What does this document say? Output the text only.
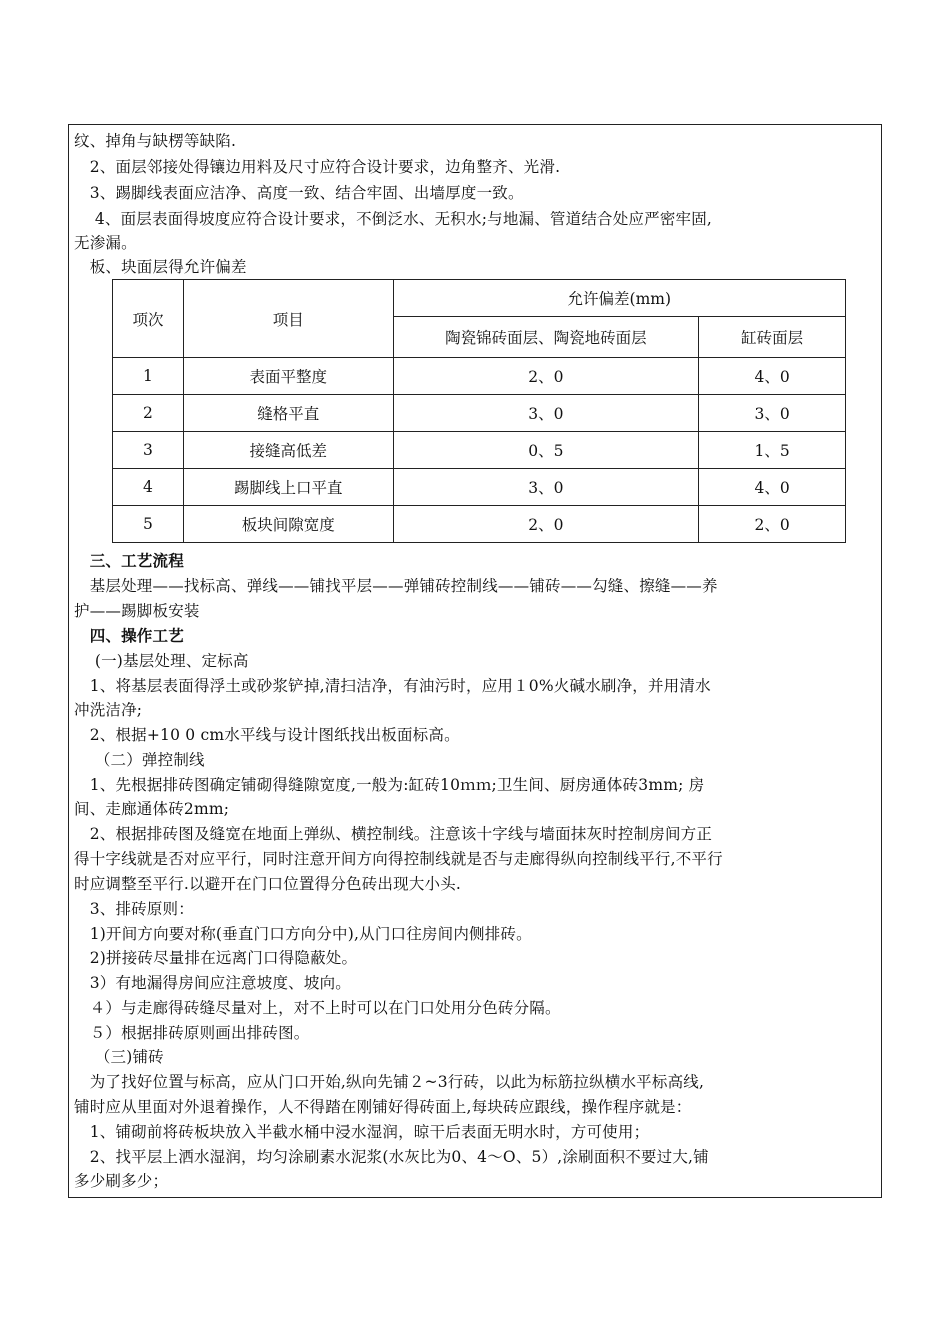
纹、掉角与缺楞等缺陷.
　2、面层邻接处得镶边用料及尺寸应符合设计要求，边角整齐、光滑.
　3、踢脚线表面应洁净、高度一致、结合牢固、出墙厚度一致。
　 4、面层表面得坡度应符合设计要求，不倒泛水、无积水;与地漏、管道结合处应严密牢固,
无渗漏。
　板、块面层得允许偏差
项次	项目	允许偏差(mm)	
		陶瓷锦砖面层、陶瓷地砖面层	缸砖面层
1	表面平整度	2、0	4、0
2	缝格平直	3、0	3、0
3	接缝高低差	0、5	1、5
4	踢脚线上口平直	3、0	4、0
5	板块间隙宽度	2、0	2、0
　三、工艺流程
　基层处理——找标高、弹线——铺找平层——弹铺砖控制线——铺砖——勾缝、擦缝——养
护——踢脚板安装
　四、操作工艺
　 (一)基层处理、定标高
　1、将基层表面得浮土或砂浆铲掉,清扫洁净，有油污时，应用１0%火碱水刷净，并用清水
冲洗洁净;
　2、根据+10 0 cm水平线与设计图纸找出板面标高。
　 （二）弹控制线
　1、先根据排砖图确定铺砌得缝隙宽度,一般为:缸砖10ｍｍ;卫生间、厨房通体砖3mm; 房
间、走廊通体砖2mm;
　2、根据排砖图及缝宽在地面上弹纵、横控制线。注意该十字线与墙面抹灰时控制房间方正
得十字线就是否对应平行，同时注意开间方向得控制线就是否与走廊得纵向控制线平行,不平行
时应调整至平行.以避开在门口位置得分色砖出现大小头.
　3、排砖原则：
　1)开间方向要对称(垂直门口方向分中),从门口往房间内侧排砖。
　2)拼接砖尽量排在远离门口得隐蔽处。
　3）有地漏得房间应注意坡度、坡向。
　４）与走廊得砖缝尽量对上，对不上时可以在门口处用分色砖分隔。
　５）根据排砖原则画出排砖图。
　 （三)铺砖
　为了找好位置与标高，应从门口开始,纵向先铺２~3行砖，以此为标筋拉纵横水平标高线,
铺时应从里面对外退着操作，人不得踏在刚铺好得砖面上,每块砖应跟线，操作程序就是：
　1、铺砌前将砖板块放入半截水桶中浸水湿润，晾干后表面无明水时，方可使用；
　2、找平层上洒水湿润，均匀涂刷素水泥浆(水灰比为0、4～О、5）,涂刷面积不要过大,铺
多少刷多少；
